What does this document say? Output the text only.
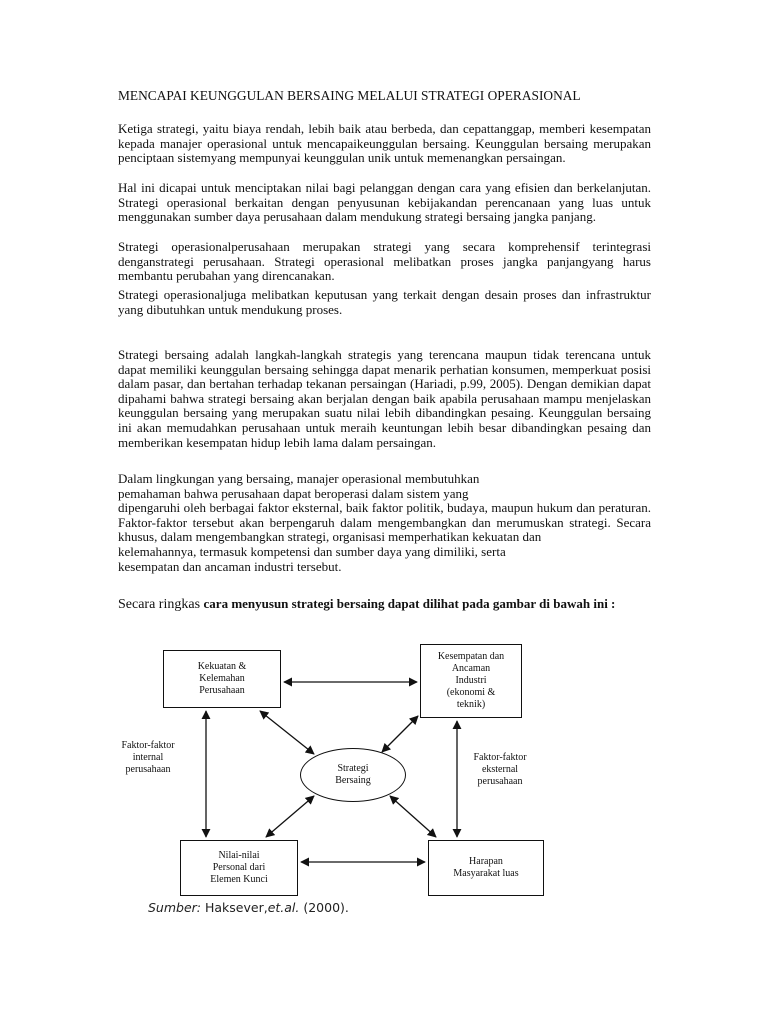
MENCAPAI KEUNGGULAN BERSAING MELALUI STRATEGI OPERASIONAL
Ketiga strategi, yaitu biaya rendah, lebih baik atau berbeda, dan cepattanggap, memberi kesempatan kepada manajer operasional untuk mencapaikeunggulan bersaing. Keunggulan bersaing merupakan penciptaan sistemyang mempunyai keunggulan unik untuk memenangkan persaingan.
Hal ini dicapai untuk menciptakan nilai bagi pelanggan dengan cara yang efisien dan berkelanjutan. Strategi operasional berkaitan dengan penyusunan kebijakandan perencanaan yang luas untuk menggunakan sumber daya perusahaan dalam mendukung strategi bersaing jangka panjang.
Strategi operasionalperusahaan merupakan strategi yang secara komprehensif terintegrasi denganstrategi perusahaan. Strategi operasional melibatkan proses jangka panjangyang harus membantu perubahan yang direncanakan.
Strategi operasionaljuga melibatkan keputusan yang terkait dengan desain proses dan infrastruktur yang dibutuhkan untuk mendukung proses.
Strategi bersaing adalah langkah-langkah strategis yang terencana maupun tidak terencana untuk dapat memiliki keunggulan bersaing sehingga dapat menarik perhatian konsumen, memperkuat posisi dalam pasar, dan bertahan terhadap tekanan persaingan (Hariadi, p.99, 2005). Dengan demikian dapat dipahami bahwa strategi bersaing akan berjalan dengan baik apabila perusahaan mampu menjelaskan keunggulan bersaing yang merupakan suatu nilai lebih dibandingkan pesaing. Keunggulan bersaing ini akan memudahkan perusahaan untuk meraih keuntungan lebih besar dibandingkan pesaing dan memberikan kesempatan hidup lebih lama dalam persaingan.
Dalam lingkungan yang bersaing, manajer operasional membutuhkan
pemahaman bahwa perusahaan dapat beroperasi dalam sistem yang
dipengaruhi oleh berbagai faktor eksternal, baik faktor politik, budaya, maupun hukum dan peraturan. Faktor-faktor tersebut akan berpengaruh dalam mengembangkan dan merumuskan strategi. Secara khusus, dalam mengembangkan strategi, organisasi memperhatikan kekuatan dan
kelemahannya, termasuk kompetensi dan sumber daya yang dimiliki, serta
kesempatan dan ancaman industri tersebut.
Secara ringkas cara menyusun strategi bersaing dapat dilihat pada gambar di bawah ini :
Kekuatan &
Kelemahan
Perusahaan
Kesempatan dan
Ancaman
Industri
(ekonomi &
teknik)
Nilai-nilai
Personal dari
Elemen Kunci
Harapan
Masyarakat luas
Strategi
Bersaing
Faktor-faktor
internal
perusahaan
Faktor-faktor
eksternal
perusahaan
Sumber: Haksever,et.al. (2000).
